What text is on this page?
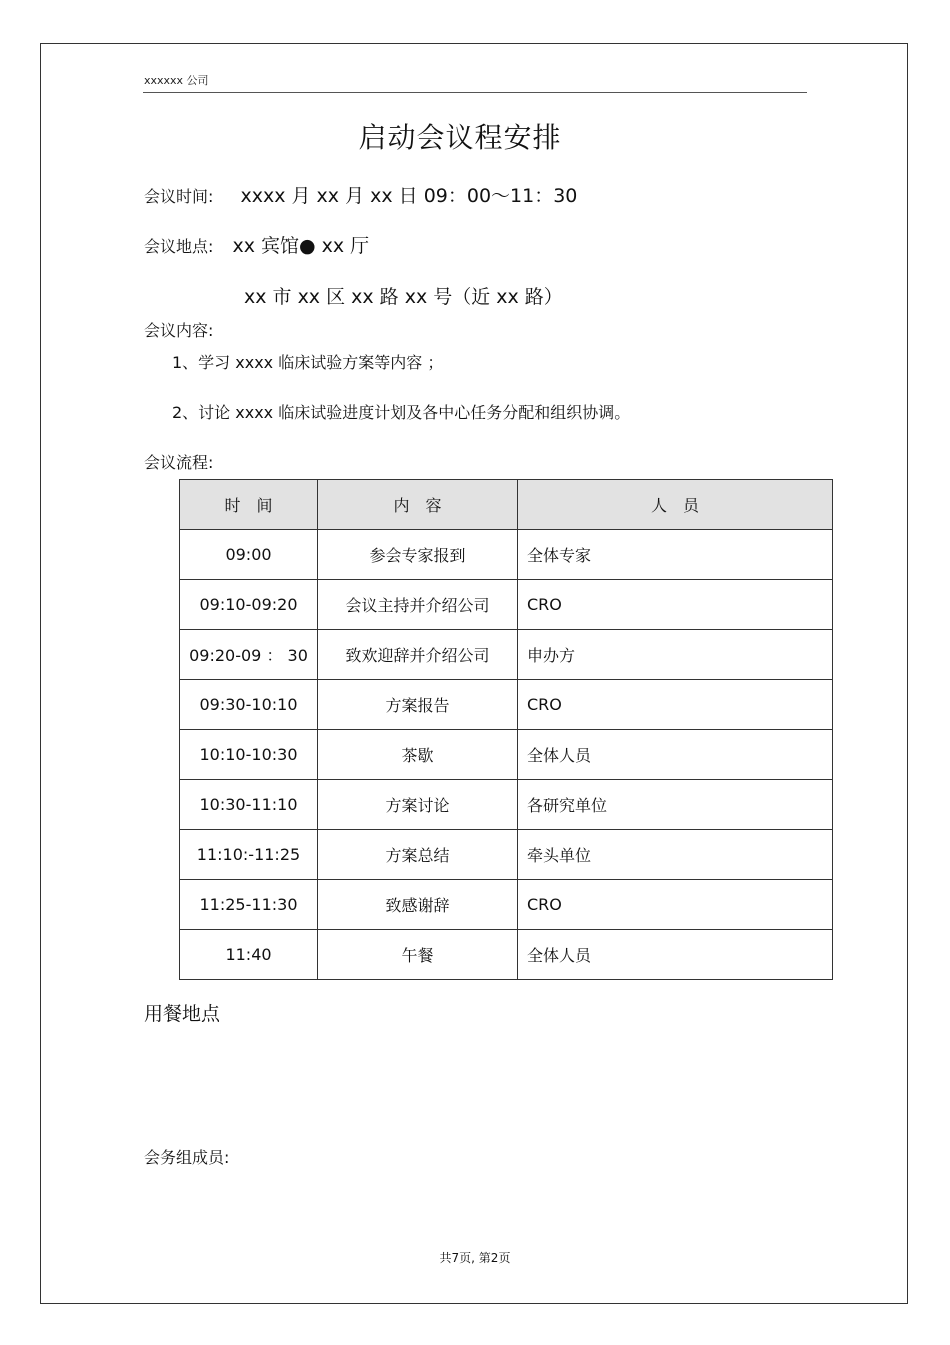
xxxxxx 公司
启动会议程安排
会议时间: xxxx 月 xx 月 xx 日 09：00～11：30
会议地点: xx 宾馆● xx 厅
xx 市 xx 区 xx 路 xx 号（近 xx 路）
会议内容:
1、学习 xxxx 临床试验方案等内容 ；
2、讨论 xxxx 临床试验进度计划及各中心任务分配和组织协调。
会议流程:
时　间	内　容	人　员
09:00	参会专家报到	全体专家
09:10-09:20	会议主持并介绍公司	CRO
09:20-09 ： 30	致欢迎辞并介绍公司	申办方
09:30-10:10	方案报告	CRO
10:10-10:30	茶歇	全体人员
10:30-11:10	方案讨论	各研究单位
11:10:-11:25	方案总结	牵头单位
11:25-11:30	致感谢辞	CRO
11:40	午餐	全体人员
用餐地点
会务组成员:
共7页, 第2页
